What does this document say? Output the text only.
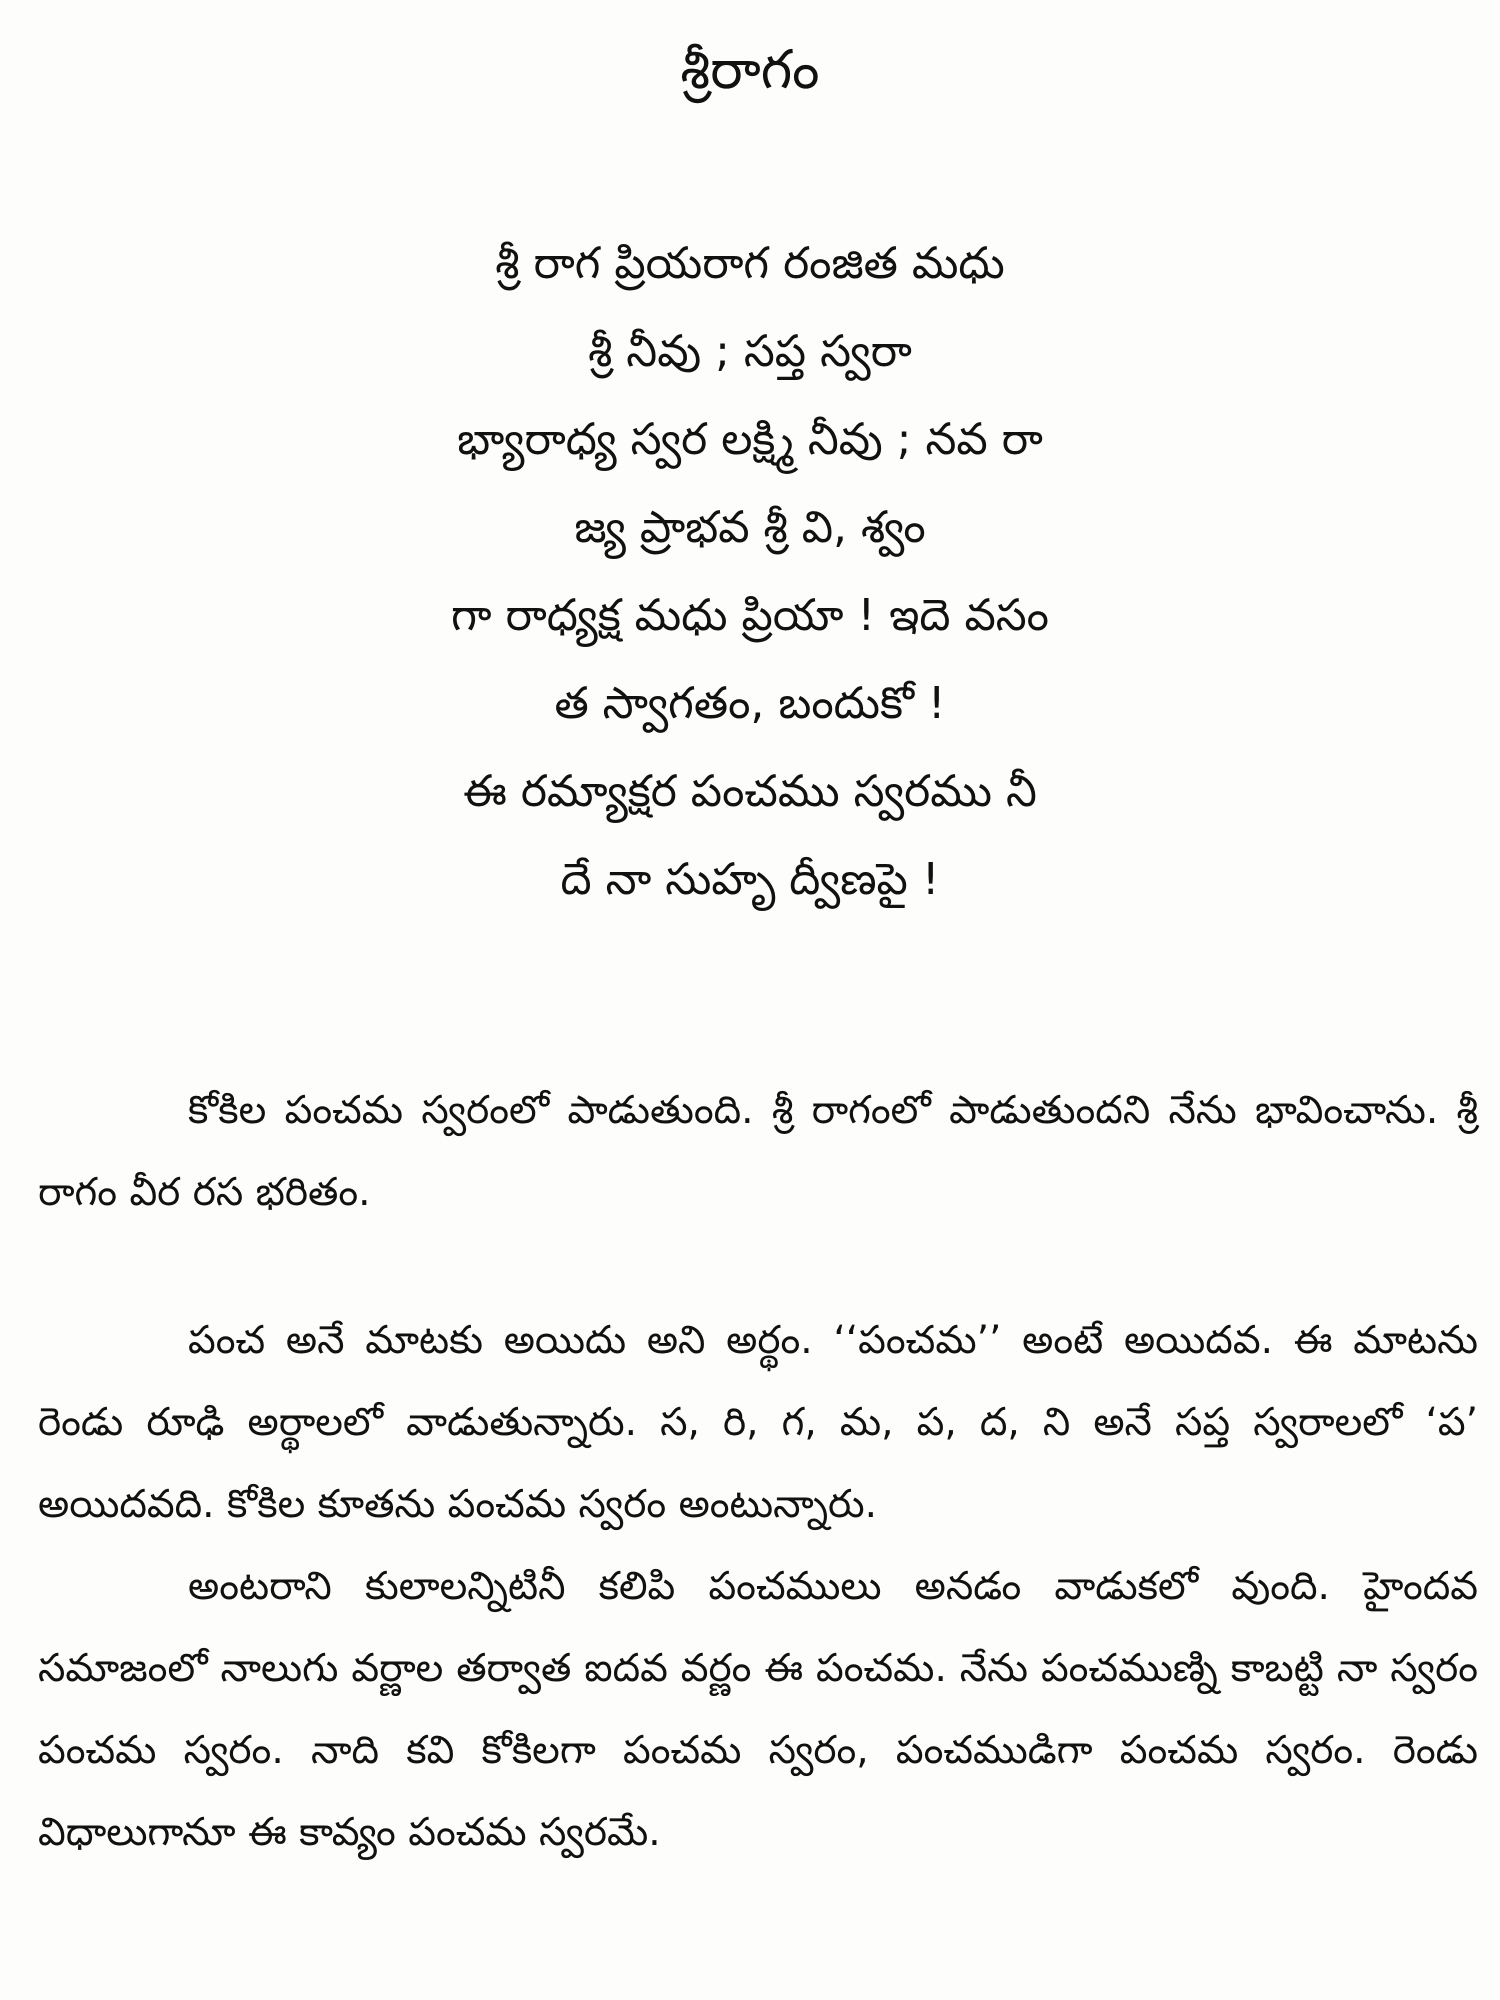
శ్రీరాగం
శ్రీ రాగ ప్రియరాగ రంజిత మధు
శ్రీ నీవు ; సప్త స్వరా
భ్యారాధ్య స్వర లక్ష్మి నీవు ; నవ రా
జ్య ప్రాభవ శ్రీ వి, శ్వం
గా రాధ్యక్ష మధు ప్రియా ! ఇదె వసం
త స్వాగతం, బందుకో !
ఈ రమ్యాక్షర పంచము స్వరము నీ
దే నా సుహృ ద్వీణపై !

కోకిల పంచమ స్వరంలో పాడుతుంది. శ్రీ రాగంలో పాడుతుందని నేను భావించాను. శ్రీ రాగం వీర రస భరితం.

పంచ అనే మాటకు అయిదు అని అర్థం. ‘‘పంచమ’’ అంటే అయిదవ. ఈ మాటను రెండు రూఢి అర్థాలలో వాడుతున్నారు. స, రి, గ, మ, ప, ద, ని అనే సప్త స్వరాలలో ‘ప’ అయిదవది. కోకిల కూతను పంచమ స్వరం అంటున్నారు.

అంటరాని కులాలన్నిటినీ కలిపి పంచములు అనడం వాడుకలో వుంది. హైందవ సమాజంలో నాలుగు వర్ణాల తర్వాత ఐదవ వర్ణం ఈ పంచమ. నేను పంచముణ్ని కాబట్టి నా స్వరం పంచమ స్వరం. నాది కవి కోకిలగా పంచమ స్వరం, పంచముడిగా పంచమ స్వరం. రెండు విధాలుగానూ ఈ కావ్యం పంచమ స్వరమే.
